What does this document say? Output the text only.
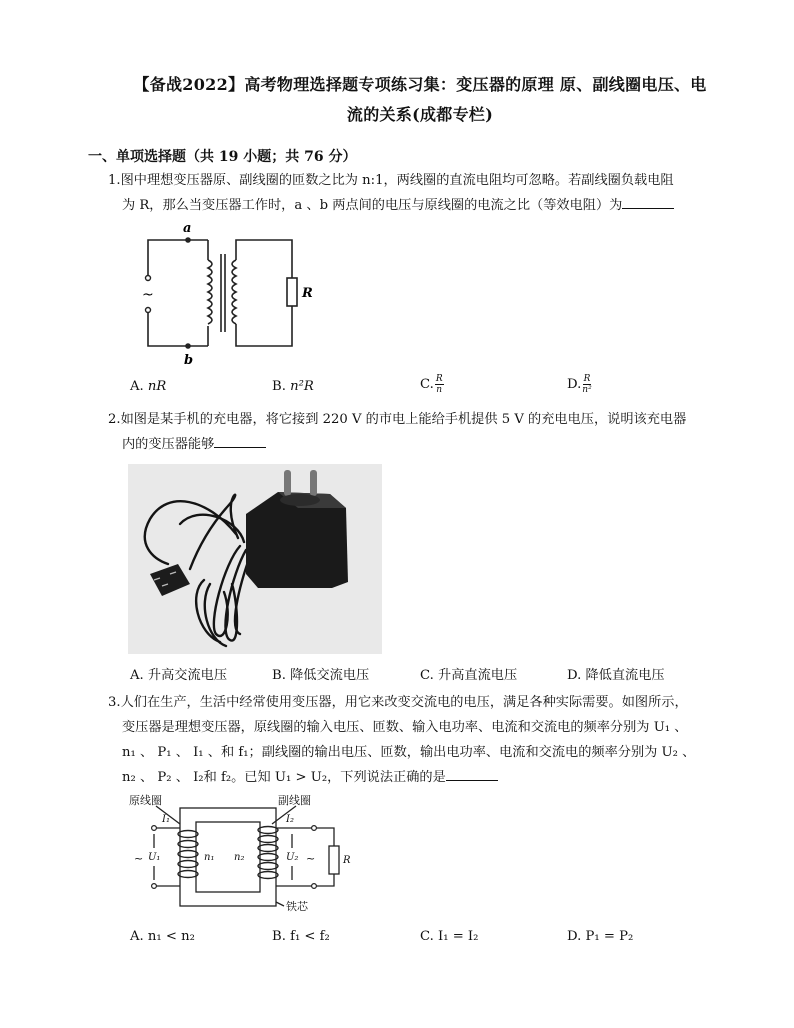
【备战2022】高考物理选择题专项练习集：变压器的原理 原、副线圈电压、电
流的关系(成都专栏)
一、单项选择题（共 19 小题；共 76 分）
1.图中理想变压器原、副线圈的匝数之比为 n:1，两线圈的直流电阻均可忽略。若副线圈负载电阻
为 R，那么当变压器工作时，a 、b 两点间的电压与原线圈的电流之比（等效电阻）为
a
b
~	R
A. nR	B. n²R	C. $\frac{R}{n}$	D. $\frac{R}{\text{n²}}$
2.如图是某手机的充电器，将它接到 220 V 的市电上能给手机提供 5 V 的充电电压，说明该充电器
内的变压器能够
A. 升高交流电压	B. 降低交流电压	C. 升高直流电压	D. 降低直流电压
3.人们在生产，生活中经常使用变压器，用它来改变交流电的电压，满足各种实际需要。如图所示，
变压器是理想变压器，原线圈的输入电压、匝数、输入电功率、电流和交流电的频率分别为 U₁ 、
n₁ 、 P₁ 、 I₁ 、和 f₁；副线圈的输出电压、匝数，输出电功率、电流和交流电的频率分别为 U₂ 、
n₂ 、 P₂ 、 I₂和 f₂。已知 U₁ > U₂，下列说法正确的是
原线圈	副线圈
铁芯
I₁	I₂
U₁	U₂
n₁ n₂	R
~	~
A. n₁ < n₂	B. f₁ < f₂	C. I₁ = I₂	D. P₁ = P₂
